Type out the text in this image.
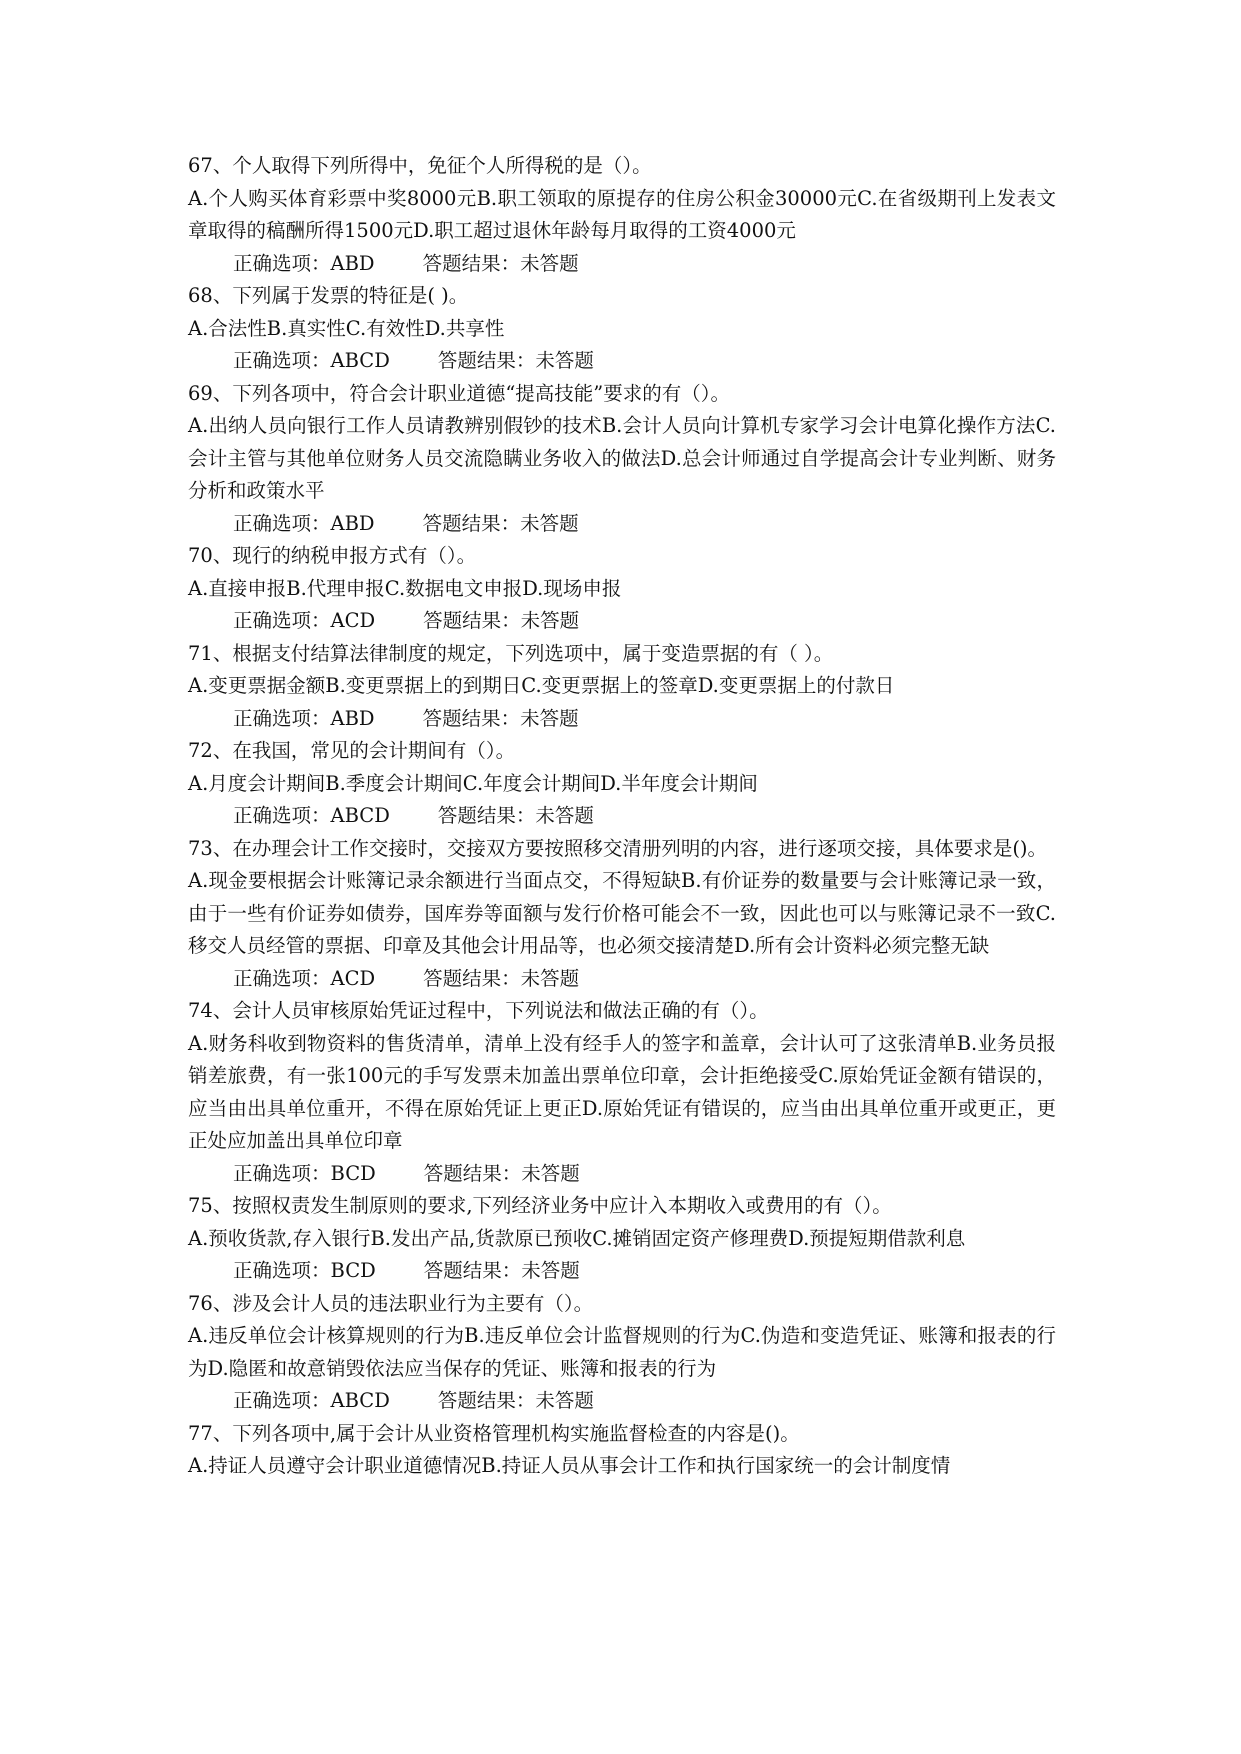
67、个人取得下列所得中，免征个人所得税的是（）。

A.个人购买体育彩票中奖8000元B.职工领取的原提存的住房公积金30000元C.在省级期刊上发表文章取得的稿酬所得1500元D.职工超过退休年龄每月取得的工资4000元

正确选项：ABD 答题结果：未答题

68、下列属于发票的特征是( )。

A.合法性B.真实性C.有效性D.共享性

正确选项：ABCD 答题结果：未答题

69、下列各项中，符合会计职业道德“提高技能”要求的有（）。

A.出纳人员向银行工作人员请教辨别假钞的技术B.会计人员向计算机专家学习会计电算化操作方法C.会计主管与其他单位财务人员交流隐瞒业务收入的做法D.总会计师通过自学提高会计专业判断、财务分析和政策水平

正确选项：ABD 答题结果：未答题

70、现行的纳税申报方式有（）。

A.直接申报B.代理申报C.数据电文申报D.现场申报

正确选项：ACD 答题结果：未答题

71、根据支付结算法律制度的规定，下列选项中，属于变造票据的有（ ）。

A.变更票据金额B.变更票据上的到期日C.变更票据上的签章D.变更票据上的付款日

正确选项：ABD 答题结果：未答题

72、在我国，常见的会计期间有（）。

A.月度会计期间B.季度会计期间C.年度会计期间D.半年度会计期间

正确选项：ABCD 答题结果：未答题

73、在办理会计工作交接时，交接双方要按照移交清册列明的内容，进行逐项交接，具体要求是()。

A.现金要根据会计账簿记录余额进行当面点交，不得短缺B.有价证券的数量要与会计账簿记录一致，由于一些有价证券如债券，国库券等面额与发行价格可能会不一致，因此也可以与账簿记录不一致C.移交人员经管的票据、印章及其他会计用品等，也必须交接清楚D.所有会计资料必须完整无缺

正确选项：ACD 答题结果：未答题

74、会计人员审核原始凭证过程中，下列说法和做法正确的有（）。

A.财务科收到物资料的售货清单，清单上没有经手人的签字和盖章，会计认可了这张清单B.业务员报销差旅费，有一张100元的手写发票未加盖出票单位印章，会计拒绝接受C.原始凭证金额有错误的，应当由出具单位重开，不得在原始凭证上更正D.原始凭证有错误的，应当由出具单位重开或更正，更正处应加盖出具单位印章

正确选项：BCD 答题结果：未答题

75、按照权责发生制原则的要求,下列经济业务中应计入本期收入或费用的有（）。

A.预收货款,存入银行B.发出产品,货款原已预收C.摊销固定资产修理费D.预提短期借款利息

正确选项：BCD 答题结果：未答题

76、涉及会计人员的违法职业行为主要有（）。

A.违反单位会计核算规则的行为B.违反单位会计监督规则的行为C.伪造和变造凭证、账簿和报表的行为D.隐匿和故意销毁依法应当保存的凭证、账簿和报表的行为

正确选项：ABCD 答题结果：未答题

77、下列各项中,属于会计从业资格管理机构实施监督检查的内容是()。

A.持证人员遵守会计职业道德情况B.持证人员从事会计工作和执行国家统一的会计制度情
